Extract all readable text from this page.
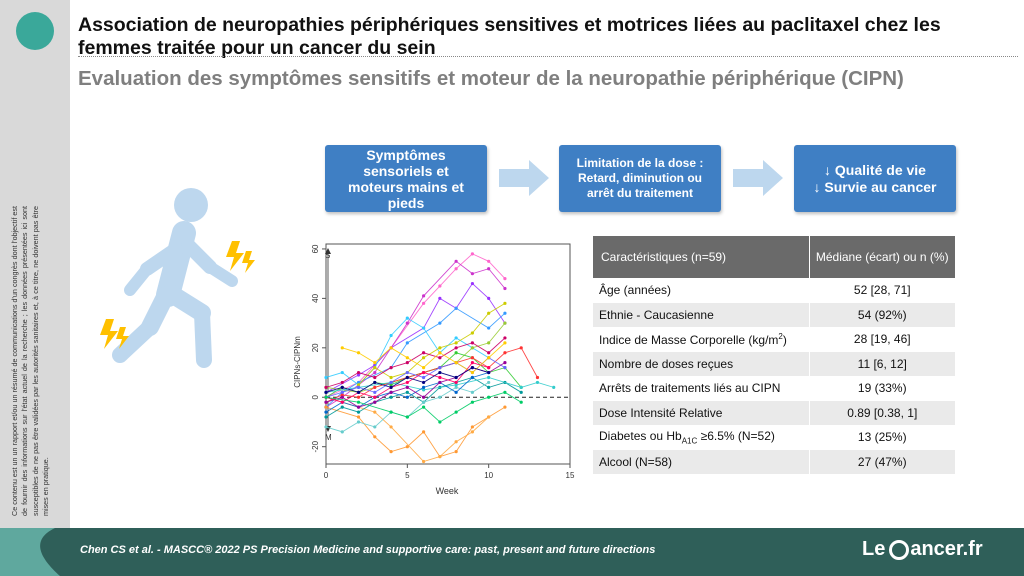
Ce contenu est un un rapport et/ou un résumé de communications d'un congrès dont l'objectif est de fournir des informations sur l'état actuel de la recherche ; les données présentées ici sont susceptibles de ne pas être validées par les autorités sanitaires et, à ce titre, ne doivent pas être mises en pratique.
Association de neuropathies périphériques sensitives et motrices liées au paclitaxel chez les femmes traitée pour un cancer du sein
Evaluation des symptômes sensitifs et moteur de la neuropathie périphérique (CIPN)
Symptômes sensoriels et moteurs mains et pieds
Limitation de la dose : Retard, diminution ou arrêt du traitement
↓ Qualité de vie
↓ Survie au cancer
0	5	10	15
-20
0
20
40
60
Week
CIPNs-CIPNm
S
M
Caractéristiques (n=59)	Médiane (écart) ou n (%)
Âge (années)	52 [28, 71]
Ethnie - Caucasienne	54 (92%)
Indice de Masse Corporelle $(kg/m^2)$	28 [19, 46]
Nombre de doses reçues	11 [6, 12]
Arrêts de traitements liés au CIPN	19 (33%)
Dose Intensité Relative	0.89 [0.38, 1]
Diabetes ou $Hb_{A1C} \ge 6.5\%$ (N=52)	13 (25%)
Alcool (N=58)	27 (47%)
Chen CS et al. - MASCC® 2022 PS Precision Medicine and supportive care: past, present and future directions	Le ancer.fr
